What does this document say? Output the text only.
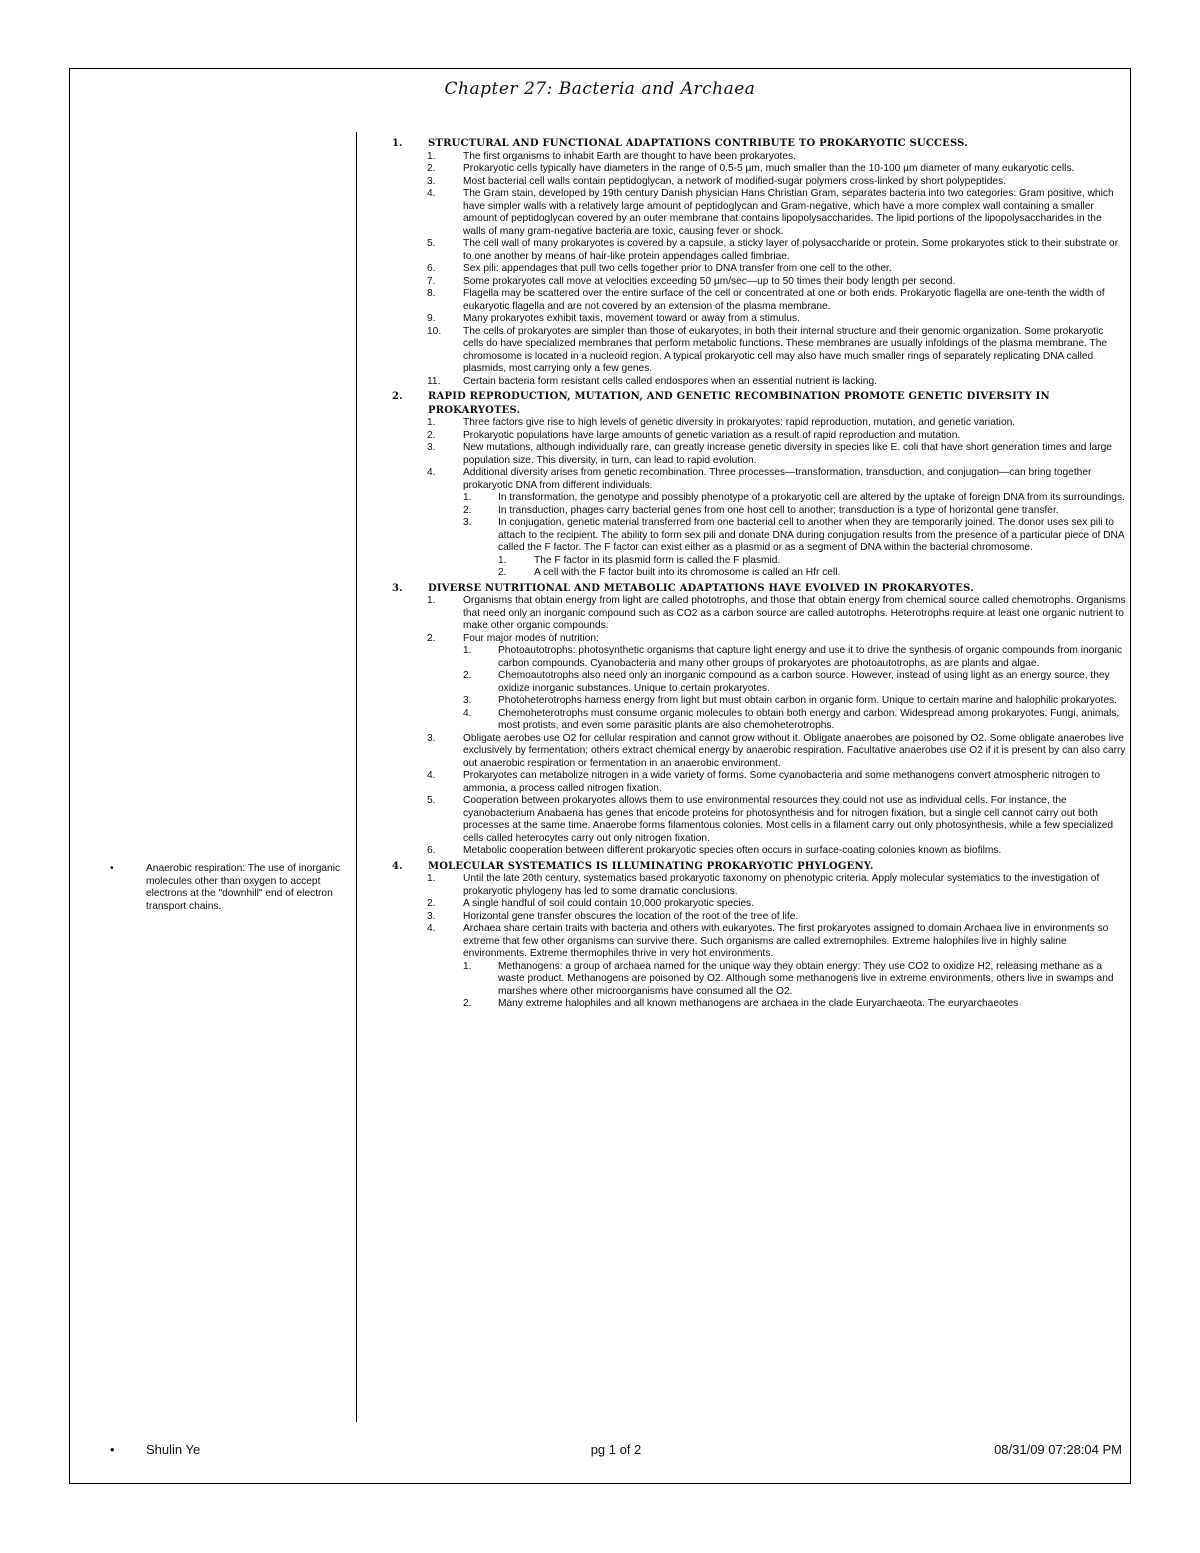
Chapter 27: Bacteria and Archaea
•	Anaerobic respiration: The use of inorganic molecules other than oxygen to accept electrons at the "downhill" end of electron transport chains.
1.	STRUCTURAL AND FUNCTIONAL ADAPTATIONS CONTRIBUTE TO PROKARYOTIC SUCCESS.
1.	The first organisms to inhabit Earth are thought to have been prokaryotes.
2.	Prokaryotic cells typically have diameters in the range of 0.5-5 µm, much smaller than the 10-100 µm diameter of many eukaryotic cells.
3.	Most bacterial cell walls contain peptidoglycan, a network of modified-sugar polymers cross-linked by short polypeptides.
4.	The Gram stain, developed by 19th century Danish physician Hans Christian Gram, separates bacteria into two categories: Gram positive, which have simpler walls with a relatively large amount of peptidoglycan and Gram-negative, which have a more complex wall containing a smaller amount of peptidoglycan covered by an outer membrane that contains lipopolysaccharides. The lipid portions of the lipopolysaccharides in the walls of many gram-negative bacteria are toxic, causing fever or shock.
5.	The cell wall of many prokaryotes is covered by a capsule, a sticky layer of polysaccharide or protein. Some prokaryotes stick to their substrate or to one another by means of hair-like protein appendages called fimbriae.
6.	Sex pili: appendages that pull two cells together prior to DNA transfer from one cell to the other.
7.	Some prokaryotes call move at velocities exceeding 50 µm/sec—up to 50 times their body length per second.
8.	Flagella may be scattered over the entire surface of the cell or concentrated at one or both ends. Prokaryotic flagella are one-tenth the width of eukaryotic flagella and are not covered by an extension of the plasma membrane.
9.	Many prokaryotes exhibit taxis, movement toward or away from a stimulus.
10. The cells of prokaryotes are simpler than those of eukaryotes, in both their internal structure and their genomic organization. Some prokaryotic cells do have specialized membranes that perform metabolic functions. These membranes are usually infoldings of the plasma membrane. The chromosome is located in a nucleoid region. A typical prokaryotic cell may also have much smaller rings of separately replicating DNA called plasmids, most carrying only a few genes.
11. Certain bacteria form resistant cells called endospores when an essential nutrient is lacking.
2.	RAPID REPRODUCTION, MUTATION, AND GENETIC RECOMBINATION PROMOTE GENETIC DIVERSITY IN PROKARYOTES.
1.	Three factors give rise to high levels of genetic diversity in prokaryotes: rapid reproduction, mutation, and genetic variation.
2.	Prokaryotic populations have large amounts of genetic variation as a result of rapid reproduction and mutation.
3.	New mutations, although individually rare, can greatly increase genetic diversity in species like E. coli that have short generation times and large population size. This diversity, in turn, can lead to rapid evolution.
4.	Additional diversity arises from genetic recombination. Three processes—transformation, transduction, and conjugation—can bring together prokaryotic DNA from different individuals.
1.	In transformation, the genotype and possibly phenotype of a prokaryotic cell are altered by the uptake of foreign DNA from its surroundings.
2.	In transduction, phages carry bacterial genes from one host cell to another; transduction is a type of horizontal gene transfer.
3.	In conjugation, genetic material transferred from one bacterial cell to another when they are temporarily joined. The donor uses sex pili to attach to the recipient. The ability to form sex pili and donate DNA during conjugation results from the presence of a particular piece of DNA called the F factor. The F factor can exist either as a plasmid or as a segment of DNA within the bacterial chromosome.
1.	The F factor in its plasmid form is called the F plasmid.
2.	A cell with the F factor built into its chromosome is called an Hfr cell.
3.	DIVERSE NUTRITIONAL AND METABOLIC ADAPTATIONS HAVE EVOLVED IN PROKARYOTES.
1.	Organisms that obtain energy from light are called phototrophs, and those that obtain energy from chemical source called chemotrophs. Organisms that need only an inorganic compound such as CO2 as a carbon source are called autotrophs. Heterotrophs require at least one organic nutrient to make other organic compounds.
2.	Four major modes of nutrition:
1.	Photoautotrophs: photosynthetic organisms that capture light energy and use it to drive the synthesis of organic compounds from inorganic carbon compounds. Cyanobacteria and many other groups of prokaryotes are photoautotrophs, as are plants and algae.
2.	Chemoautotrophs also need only an inorganic compound as a carbon source. However, instead of using light as an energy source, they oxidize inorganic substances. Unique to certain prokaryotes.
3.	Photoheterotrophs harness energy from light but must obtain carbon in organic form. Unique to certain marine and halophilic prokaryotes.
4.	Chemoheterotrophs must consume organic molecules to obtain both energy and carbon. Widespread among prokaryotes. Fungi, animals, most protists, and even some parasitic plants are also chemoheterotrophs.
3.	Obligate aerobes use O2 for cellular respiration and cannot grow without it. Obligate anaerobes are poisoned by O2. Some obligate anaerobes live exclusively by fermentation; others extract chemical energy by anaerobic respiration. Facultative anaerobes use O2 if it is present by can also carry out anaerobic respiration or fermentation in an anaerobic environment.
4.	Prokaryotes can metabolize nitrogen in a wide variety of forms. Some cyanobacteria and some methanogens convert atmospheric nitrogen to ammonia, a process called nitrogen fixation.
5.	Cooperation between prokaryotes allows them to use environmental resources they could not use as individual cells. For instance, the cyanobacterium Anabaena has genes that encode proteins for photosynthesis and for nitrogen fixation, but a single cell cannot carry out both processes at the same time. Anaerobe forms filamentous colonies. Most cells in a filament carry out only photosynthesis, while a few specialized cells called heterocytes carry out only nitrogen fixation.
6.	Metabolic cooperation between different prokaryotic species often occurs in surface-coating colonies known as biofilms.
4.	MOLECULAR SYSTEMATICS IS ILLUMINATING PROKARYOTIC PHYLOGENY.
1.	Until the late 20th century, systematics based prokaryotic taxonomy on phenotypic criteria. Apply molecular systematics to the investigation of prokaryotic phylogeny has led to some dramatic conclusions.
2.	A single handful of soil could contain 10,000 prokaryotic species.
3.	Horizontal gene transfer obscures the location of the root of the tree of life.
4.	Archaea share certain traits with bacteria and others with eukaryotes. The first prokaryotes assigned to domain Archaea live in environments so extreme that few other organisms can survive there. Such organisms are called extremophiles. Extreme halophiles live in highly saline environments. Extreme thermophiles thrive in very hot environments.
1.	Methanogens: a group of archaea named for the unique way they obtain energy: They use CO2 to oxidize H2, releasing methane as a waste product. Methanogens are poisoned by O2. Although some methanogens live in extreme environments, others live in swamps and marshes where other microorganisms have consumed all the O2.
2.	Many extreme halophiles and all known methanogens are archaea in the clade Euryarchaeota. The euryarchaeotes
• Shulin Ye	pg 1 of 2	08/31/09 07:28:04 PM
